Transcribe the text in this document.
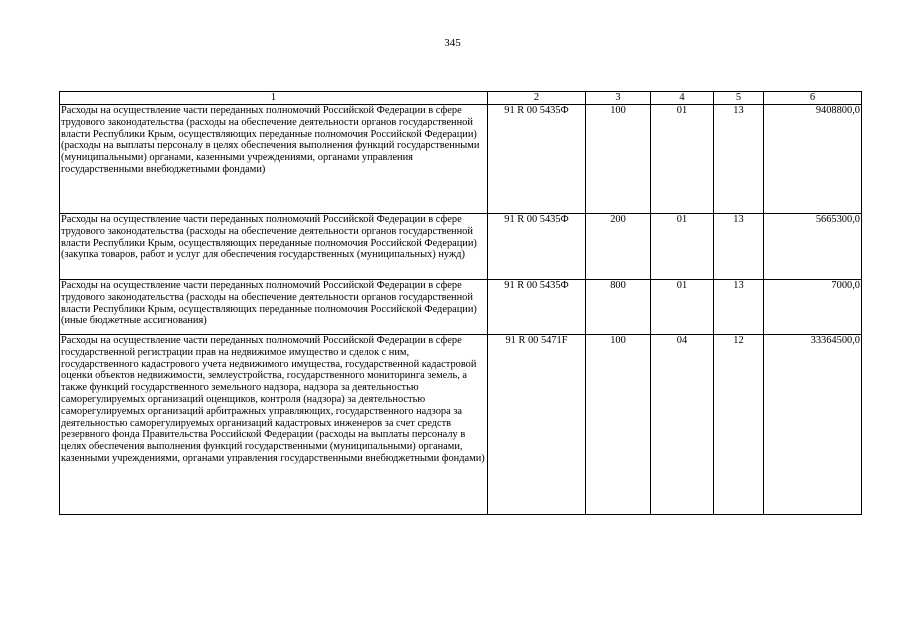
345
1	2	3	4	5	6
Расходы на осуществление части переданных полномочий Российской Федерации в сфере трудового законодательства (расходы на обеспечение деятельности органов государственной власти Республики Крым, осуществляющих переданные полномочия Российской Федерации) (расходы на выплаты персоналу в целях обеспечения выполнения функций государственными (муниципальными) органами, казенными учреждениями, органами управления государственными внебюджетными фондами)	91 R 00 5435Ф	100	01	13	9408800,0
Расходы на осуществление части переданных полномочий Российской Федерации в сфере трудового законодательства (расходы на обеспечение деятельности органов государственной власти Республики Крым, осуществляющих переданные полномочия Российской Федерации) (закупка товаров, работ и услуг для обеспечения государственных (муниципальных) нужд)	91 R 00 5435Ф	200	01	13	5665300,0
Расходы на осуществление части переданных полномочий Российской Федерации в сфере трудового законодательства (расходы на обеспечение деятельности органов государственной власти Республики Крым, осуществляющих переданные полномочия Российской Федерации) (иные бюджетные ассигнования)	91 R 00 5435Ф	800	01	13	7000,0
Расходы на осуществление части переданных полномочий Российской Федерации в сфере государственной регистрации прав на недвижимое имущество и сделок с ним, государственного кадастрового учета недвижимого имущества, государственной кадастровой оценки объектов недвижимости, землеустройства, государственного мониторинга земель, а также функций государственного земельного надзора, надзора за деятельностью саморегулируемых организаций оценщиков, контроля (надзора) за деятельностью саморегулируемых организаций арбитражных управляющих, государственного надзора за деятельностью саморегулируемых организаций кадастровых инженеров за счет средств резервного фонда Правительства Российской Федерации (расходы на выплаты персоналу в целях обеспечения выполнения функций государственными (муниципальными) органами, казенными учреждениями, органами управления государственными внебюджетными фондами)	91 R 00 5471F	100	04	12	33364500,0
